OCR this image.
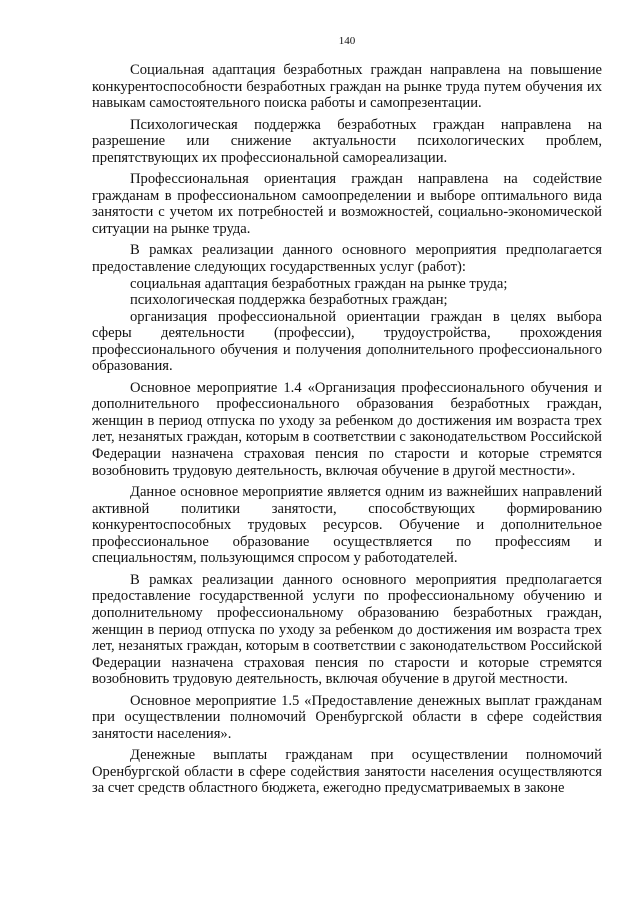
140

Социальная адаптация безработных граждан направлена на повышение конкурентоспособности безработных граждан на рынке труда путем обучения их навыкам самостоятельного поиска работы и самопрезентации.

Психологическая поддержка безработных граждан направлена на разрешение или снижение актуальности психологических проблем, препятствующих их профессиональной самореализации.

Профессиональная ориентация граждан направлена на содействие гражданам в профессиональном самоопределении и выборе оптимального вида занятости с учетом их потребностей и возможностей, социально-экономической ситуации на рынке труда.

В рамках реализации данного основного мероприятия предполагается предоставление следующих государственных услуг (работ):

социальная адаптация безработных граждан на рынке труда;

психологическая поддержка безработных граждан;

организация профессиональной ориентации граждан в целях выбора сферы деятельности (профессии), трудоустройства, прохождения профессионального обучения и получения дополнительного профессионального образования.

Основное мероприятие 1.4 «Организация профессионального обучения и дополнительного профессионального образования безработных граждан, женщин в период отпуска по уходу за ребенком до достижения им возраста трех лет, незанятых граждан, которым в соответствии с законодательством Российской Федерации назначена страховая пенсия по старости и которые стремятся возобновить трудовую деятельность, включая обучение в другой местности».

Данное основное мероприятие является одним из важнейших направлений активной политики занятости, способствующих формированию конкурентоспособных трудовых ресурсов. Обучение и дополнительное профессиональное образование осуществляется по профессиям и специальностям, пользующимся спросом у работодателей.

В рамках реализации данного основного мероприятия предполагается предоставление государственной услуги по профессиональному обучению и дополнительному профессиональному образованию безработных граждан, женщин в период отпуска по уходу за ребенком до достижения им возраста трех лет, незанятых граждан, которым в соответствии с законодательством Российской Федерации назначена страховая пенсия по старости и которые стремятся возобновить трудовую деятельность, включая обучение в другой местности.

Основное мероприятие 1.5 «Предоставление денежных выплат гражданам при осуществлении полномочий Оренбургской области в сфере содействия занятости населения».

Денежные выплаты гражданам при осуществлении полномочий Оренбургской области в сфере содействия занятости населения осуществляются за счет средств областного бюджета, ежегодно предусматриваемых в законе
